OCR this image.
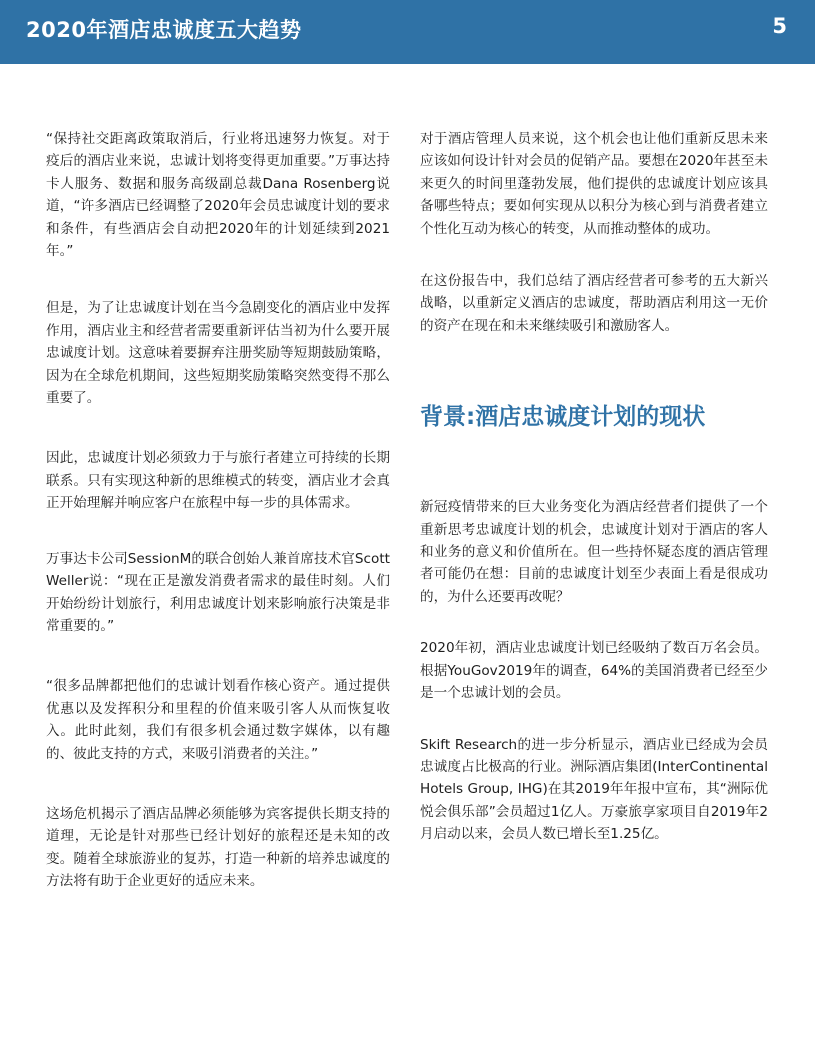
2020年酒店忠诚度五大趋势	5

“保持社交距离政策取消后，行业将迅速努力恢复。对于疫后的酒店业来说，忠诚计划将变得更加重要。”万事达持卡人服务、数据和服务高级副总裁Dana Rosenberg说道，“许多酒店已经调整了2020年会员忠诚度计划的要求和条件，有些酒店会自动把2020年的计划延续到2021年。”

但是，为了让忠诚度计划在当今急剧变化的酒店业中发挥作用，酒店业主和经营者需要重新评估当初为什么要开展忠诚度计划。这意味着要摒弃注册奖励等短期鼓励策略，因为在全球危机期间，这些短期奖励策略突然变得不那么重要了。

因此，忠诚度计划必须致力于与旅行者建立可持续的长期联系。只有实现这种新的思维模式的转变，酒店业才会真正开始理解并响应客户在旅程中每一步的具体需求。

万事达卡公司SessionM的联合创始人兼首席技术官Scott Weller说：“现在正是激发消费者需求的最佳时刻。人们开始纷纷计划旅行，利用忠诚度计划来影响旅行决策是非常重要的。”

“很多品牌都把他们的忠诚计划看作核心资产。通过提供优惠以及发挥积分和里程的价值来吸引客人从而恢复收入。此时此刻，我们有很多机会通过数字媒体，以有趣的、彼此支持的方式，来吸引消费者的关注。”

这场危机揭示了酒店品牌必须能够为宾客提供长期支持的道理，无论是针对那些已经计划好的旅程还是未知的改变。随着全球旅游业的复苏，打造一种新的培养忠诚度的方法将有助于企业更好的适应未来。

对于酒店管理人员来说，这个机会也让他们重新反思未来应该如何设计针对会员的促销产品。要想在2020年甚至未来更久的时间里蓬勃发展，他们提供的忠诚度计划应该具备哪些特点；要如何实现从以积分为核心到与消费者建立个性化互动为核心的转变，从而推动整体的成功。

在这份报告中，我们总结了酒店经营者可参考的五大新兴战略，以重新定义酒店的忠诚度，帮助酒店利用这一无价的资产在现在和未来继续吸引和激励客人。

背景:酒店忠诚度计划的现状

新冠疫情带来的巨大业务变化为酒店经营者们提供了一个重新思考忠诚度计划的机会，忠诚度计划对于酒店的客人和业务的意义和价值所在。但一些持怀疑态度的酒店管理者可能仍在想：目前的忠诚度计划至少表面上看是很成功的，为什么还要再改呢？

2020年初，酒店业忠诚度计划已经吸纳了数百万名会员。根据YouGov2019年的调查，64%的美国消费者已经至少是一个忠诚计划的会员。

Skift Research的进一步分析显示，酒店业已经成为会员忠诚度占比极高的行业。洲际酒店集团(InterContinental Hotels Group, IHG)在其2019年年报中宣布，其“洲际优悦会俱乐部”会员超过1亿人。万豪旅享家项目自2019年2月启动以来，会员人数已增长至1.25亿。
